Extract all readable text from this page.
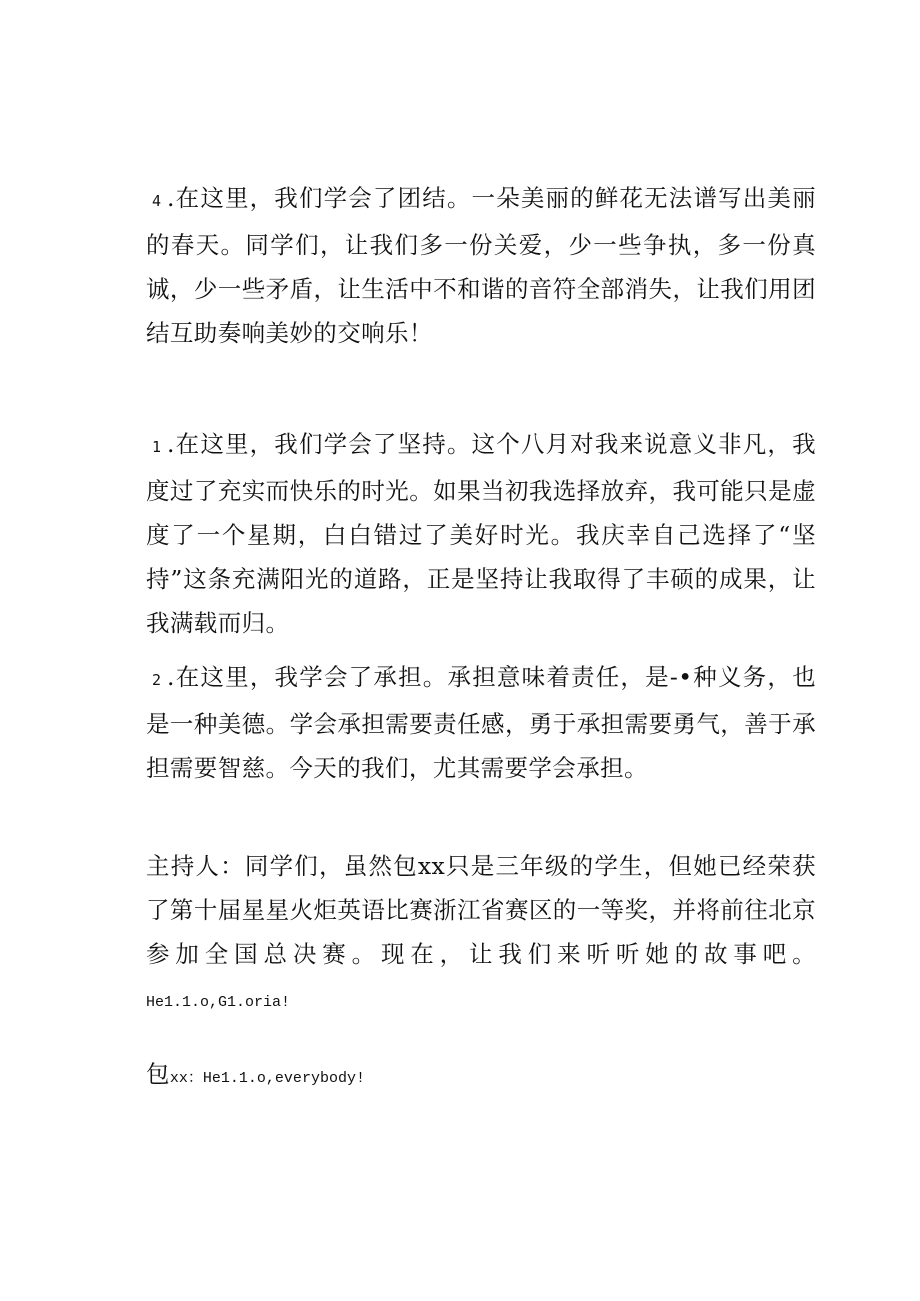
4 .在这里，我们学会了团结。一朵美丽的鲜花无法谱写出美丽的春天。同学们，让我们多一份关爱，少一些争执，多一份真诚，少一些矛盾，让生活中不和谐的音符全部消失，让我们用团结互助奏响美妙的交响乐！

1 .在这里，我们学会了坚持。这个八月对我来说意义非凡，我度过了充实而快乐的时光。如果当初我选择放弃，我可能只是虚度了一个星期，白白错过了美好时光。我庆幸自己选择了“坚持”这条充满阳光的道路，正是坚持让我取得了丰硕的成果，让我满载而归。

2 .在这里，我学会了承担。承担意味着责任，是-•种义务，也是一种美德。学会承担需要责任感，勇于承担需要勇气，善于承担需要智慈。今天的我们，尤其需要学会承担。

主持人：同学们，虽然包xx只是三年级的学生，但她已经荣获了第十届星星火炬英语比赛浙江省赛区的一等奖，并将前往北京参加全国总决赛。现在，让我们来听听她的故事吧。He1.1.o,G1.oria!

包xx：He1.1.o,everybody!
